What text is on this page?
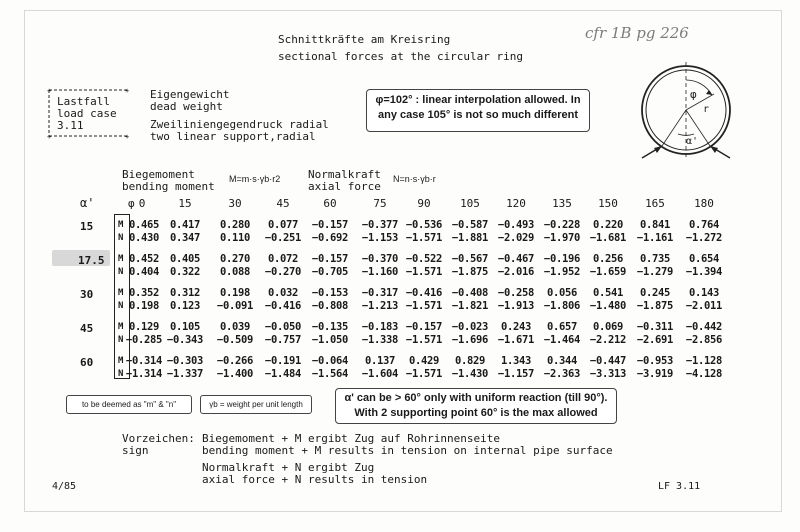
Schnittkräfte am Kreisring
sectional forces at the circular ring
cfr 1B pg 226
+	+
+	+
Lastfall
load case
3.11
Eigengewicht
dead weight
Zweiliniengegendruck radial
two linear support,radial
φ=102° : linear interpolation allowed. In
any case 105° is not so much different
φ
r
α'
Biegemoment
bending moment
M=m·s·γb·r2	Normalkraft
axial force
N=n·s·γb·r
α'	φ 0	15	30	45	60	75	90	105	120	135	150	165	180
15	M 0.465	0.417	0.280	0.077	−0.157	−0.377 −0.536 −0.587 −0.493 −0.228	0.220	0.841	0.764
N 0.430	0.347	0.110	−0.251	−0.692	−1.153 −1.571 −1.881 −2.029 −1.970 −1.681	−1.161	−1.272
17.5 M 0.452	0.405	0.270	0.072	−0.157	−0.370 −0.522 −0.567 −0.467 −0.196	0.256	0.735	0.654
N 0.404	0.322	0.088	−0.270	−0.705	−1.160 −1.571 −1.875 −2.016 −1.952 −1.659	−1.279	−1.394
30	M 0.352	0.312	0.198	0.032	−0.153	−0.317 −0.416 −0.408 −0.258	0.056	0.541	0.245	0.143
N 0.198	0.123	−0.091	−0.416	−0.808	−1.213 −1.571 −1.821 −1.913 −1.806 −1.480	−1.875	−2.011
45	M 0.129	0.105	0.039	−0.050	−0.135	−0.183 −0.157 −0.023	0.243	0.657	0.069	−0.311	−0.442
N −0.285 −0.343	−0.509	−0.757	−1.050	−1.338 −1.571 −1.696 −1.671 −1.464 −2.212	−2.691	−2.856
60	M −0.314 −0.303	−0.266	−0.191	−0.064	0.137	0.429	0.829	1.343	0.344	−0.447	−0.953	−1.128
N −1.314 −1.337	−1.400	−1.484	−1.564	−1.604 −1.571 −1.430 −1.157 −2.363 −3.313	−3.919	−4.128
to be deemed as "m" & "n"	γb = weight per unit length
α' can be > 60° only with uniform reaction (till 90°).
With 2 supporting point 60° is the max allowed
Vorzeichen:
sign
Biegemoment + M ergibt Zug auf Rohrinnenseite
bending moment + M results in tension on internal pipe surface
Normalkraft + N ergibt Zug
axial force + N results in tension
4/85	LF 3.11
